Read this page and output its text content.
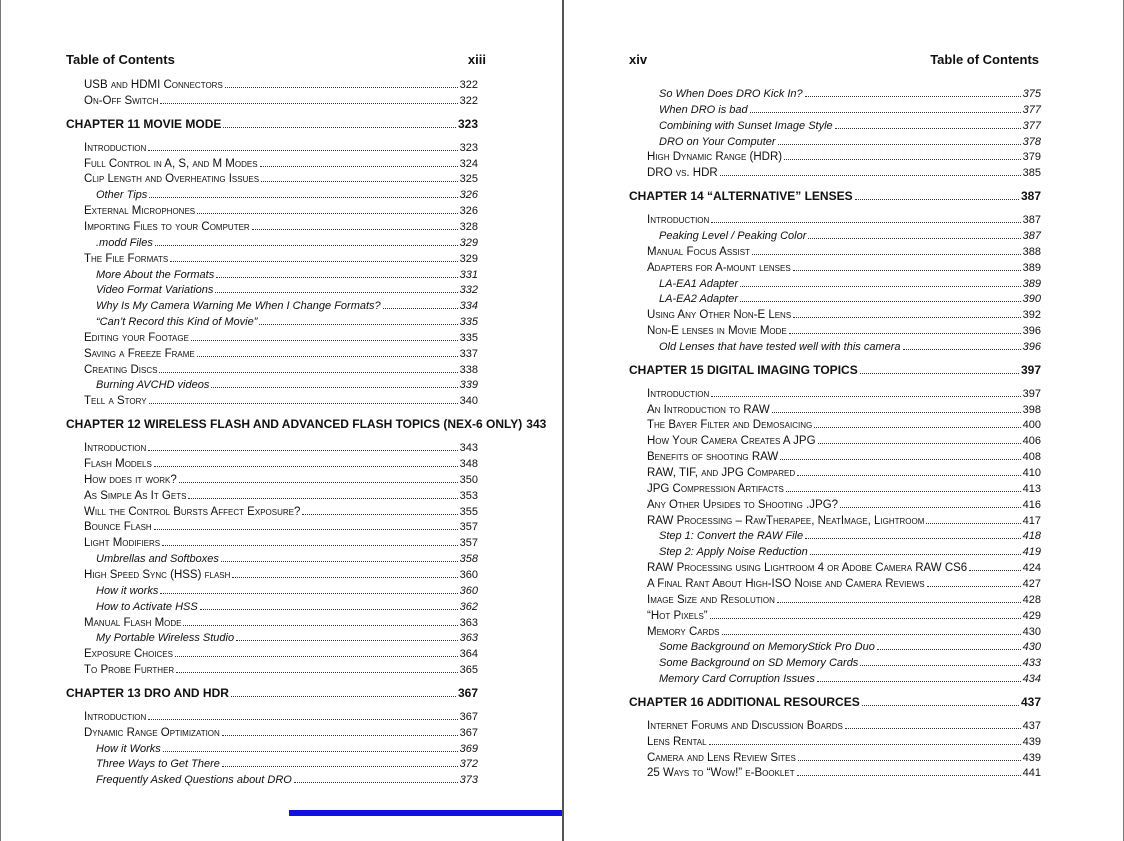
Table of Contents	xiii
USB and HDMI Connectors	322
On-Off Switch	322
CHAPTER 11 MOVIE MODE	323
Introduction	323
Full Control in A, S, and M Modes	324
Clip Length and Overheating Issues	325
Other Tips	326
External Microphones	326
Importing Files to your Computer	328
.modd Files	329
The File Formats	329
More About the Formats	331
Video Format Variations	332
Why Is My Camera Warning Me When I Change Formats?	334
“Can’t Record this Kind of Movie”	335
Editing your Footage	335
Saving a Freeze Frame	337
Creating Discs	338
Burning AVCHD videos	339
Tell a Story	340
CHAPTER 12 WIRELESS FLASH AND ADVANCED FLASH TOPICS (NEX-6 ONLY) 343
Introduction	343
Flash Models	348
How does it work?	350
As Simple As It Gets	353
Will the Control Bursts Affect Exposure?	355
Bounce Flash	357
Light Modifiers	357
Umbrellas and Softboxes	358
High Speed Sync (HSS) flash	360
How it works	360
How to Activate HSS	362
Manual Flash Mode	363
My Portable Wireless Studio	363
Exposure Choices	364
To Probe Further	365
CHAPTER 13 DRO AND HDR	367
Introduction	367
Dynamic Range Optimization	367
How it Works	369
Three Ways to Get There	372
Frequently Asked Questions about DRO	373
xiv	Table of Contents
So When Does DRO Kick In?	375
When DRO is bad	377
Combining with Sunset Image Style	377
DRO on Your Computer	378
High Dynamic Range (HDR)	379
DRO vs. HDR	385
CHAPTER 14 “ALTERNATIVE” LENSES	387
Introduction	387
Peaking Level / Peaking Color	387
Manual Focus Assist	388
Adapters for A-mount lenses	389
LA-EA1 Adapter	389
LA-EA2 Adapter	390
Using Any Other Non-E Lens	392
Non-E lenses in Movie Mode	396
Old Lenses that have tested well with this camera	396
CHAPTER 15 DIGITAL IMAGING TOPICS	397
Introduction	397
An Introduction to RAW	398
The Bayer Filter and Demosaicing	400
How Your Camera Creates A JPG	406
Benefits of shooting RAW	408
RAW, TIF, and JPG Compared	410
JPG Compression Artifacts	413
Any Other Upsides to Shooting .JPG?	416
RAW Processing – RawTherapee, NeatImage, Lightroom	417
Step 1: Convert the RAW File	418
Step 2: Apply Noise Reduction	419
RAW Processing using Lightroom 4 or Adobe Camera RAW CS6	424
A Final Rant About High-ISO Noise and Camera Reviews	427
Image Size and Resolution	428
“Hot Pixels”	429
Memory Cards	430
Some Background on MemoryStick Pro Duo	430
Some Background on SD Memory Cards	433
Memory Card Corruption Issues	434
CHAPTER 16 ADDITIONAL RESOURCES	437
Internet Forums and Discussion Boards	437
Lens Rental	439
Camera and Lens Review Sites	439
25 Ways to “Wow!” e-Booklet	441
